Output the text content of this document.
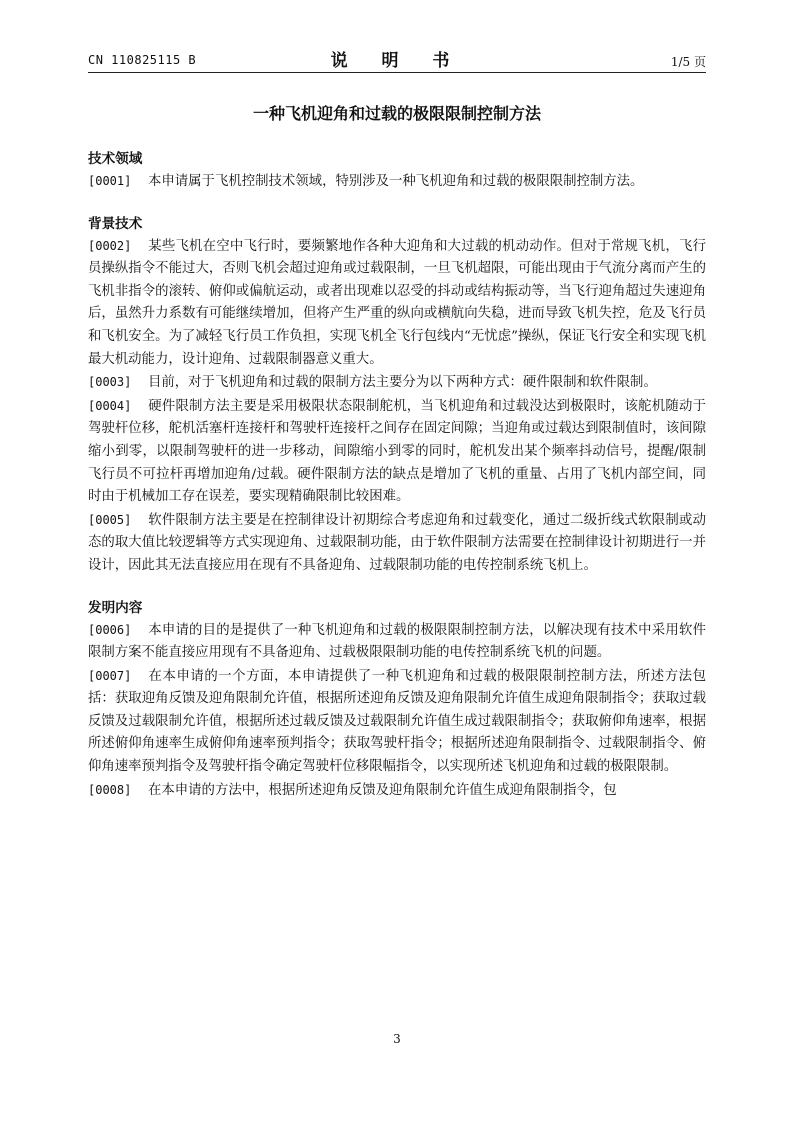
CN 110825115 B	说 明 书	1/5 页
一种飞机迎角和过载的极限限制控制方法
技术领域

[0001] 本申请属于飞机控制技术领域，特别涉及一种飞机迎角和过载的极限限制控制方法。

背景技术

[0002] 某些飞机在空中飞行时，要频繁地作各种大迎角和大过载的机动动作。但对于常规飞机，飞行员操纵指令不能过大，否则飞机会超过迎角或过载限制，一旦飞机超限，可能出现由于气流分离而产生的飞机非指令的滚转、俯仰或偏航运动，或者出现难以忍受的抖动或结构振动等，当飞行迎角超过失速迎角后，虽然升力系数有可能继续增加，但将产生严重的纵向或横航向失稳，进而导致飞机失控，危及飞行员和飞机安全。为了减轻飞行员工作负担，实现飞机全飞行包线内“无忧虑”操纵，保证飞行安全和实现飞机最大机动能力，设计迎角、过载限制器意义重大。

[0003] 目前，对于飞机迎角和过载的限制方法主要分为以下两种方式：硬件限制和软件限制。

[0004] 硬件限制方法主要是采用极限状态限制舵机，当飞机迎角和过载没达到极限时，该舵机随动于驾驶杆位移，舵机活塞杆连接杆和驾驶杆连接杆之间存在固定间隙；当迎角或过载达到限制值时，该间隙缩小到零，以限制驾驶杆的进一步移动，间隙缩小到零的同时，舵机发出某个频率抖动信号，提醒/限制飞行员不可拉杆再增加迎角/过载。硬件限制方法的缺点是增加了飞机的重量、占用了飞机内部空间，同时由于机械加工存在误差，要实现精确限制比较困难。

[0005] 软件限制方法主要是在控制律设计初期综合考虑迎角和过载变化，通过二级折线式软限制或动态的取大值比较逻辑等方式实现迎角、过载限制功能，由于软件限制方法需要在控制律设计初期进行一并设计，因此其无法直接应用在现有不具备迎角、过载限制功能的电传控制系统飞机上。

发明内容

[0006] 本申请的目的是提供了一种飞机迎角和过载的极限限制控制方法，以解决现有技术中采用软件限制方案不能直接应用现有不具备迎角、过载极限限制功能的电传控制系统飞机的问题。

[0007] 在本申请的一个方面，本申请提供了一种飞机迎角和过载的极限限制控制方法，所述方法包括：获取迎角反馈及迎角限制允许值，根据所述迎角反馈及迎角限制允许值生成迎角限制指令；获取过载反馈及过载限制允许值，根据所述过载反馈及过载限制允许值生成过载限制指令；获取俯仰角速率，根据所述俯仰角速率生成俯仰角速率预判指令；获取驾驶杆指令；根据所述迎角限制指令、过载限制指令、俯仰角速率预判指令及驾驶杆指令确定驾驶杆位移限幅指令，以实现所述飞机迎角和过载的极限限制。

[0008] 在本申请的方法中，根据所述迎角反馈及迎角限制允许值生成迎角限制指令，包

3
